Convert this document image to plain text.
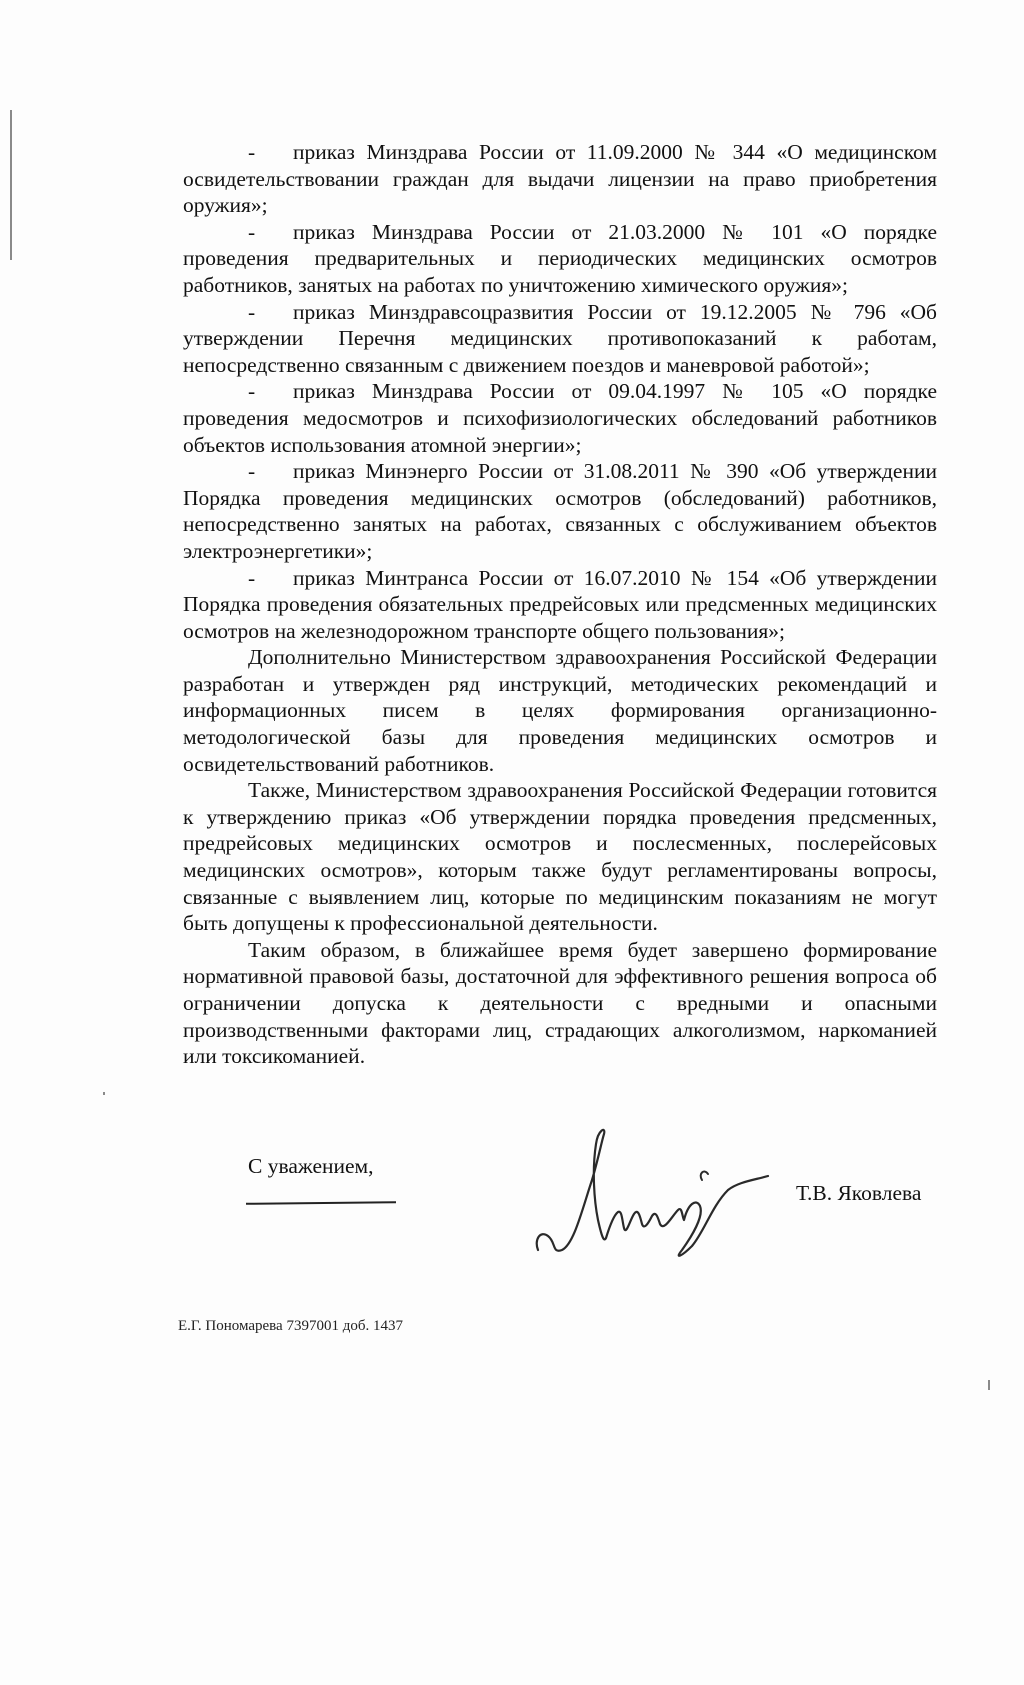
- приказ Минздрава России от 11.09.2000 № 344 «О медицинском освидетельствовании граждан для выдачи лицензии на право приобретения оружия»;

- приказ Минздрава России от 21.03.2000 № 101 «О порядке проведения предварительных и периодических медицинских осмотров работников, занятых на работах по уничтожению химического оружия»;

- приказ Минздравсоцразвития России от 19.12.2005 № 796 «Об утверждении Перечня медицинских противопоказаний к работам, непосредственно связанным с движением поездов и маневровой работой»;

- приказ Минздрава России от 09.04.1997 № 105 «О порядке проведения медосмотров и психофизиологических обследований работников объектов использования атомной энергии»;

- приказ Минэнерго России от 31.08.2011 № 390 «Об утверждении Порядка проведения медицинских осмотров (обследований) работников, непосредственно занятых на работах, связанных с обслуживанием объектов электроэнергетики»;

- приказ Минтранса России от 16.07.2010 № 154 «Об утверждении Порядка проведения обязательных предрейсовых или предсменных медицинских осмотров на железнодорожном транспорте общего пользования»;

Дополнительно Министерством здравоохранения Российской Федерации разработан и утвержден ряд инструкций, методических рекомендаций и информационных писем в целях формирования организационно-методологической базы для проведения медицинских осмотров и освидетельствований работников.

Также, Министерством здравоохранения Российской Федерации готовится к утверждению приказ «Об утверждении порядка проведения предсменных, предрейсовых медицинских осмотров и послесменных, послерейсовых медицинских осмотров», которым также будут регламентированы вопросы, связанные с выявлением лиц, которые по медицинским показаниям не могут быть допущены к профессиональной деятельности.

Таким образом, в ближайшее время будет завершено формирование нормативной правовой базы, достаточной для эффективного решения вопроса об ограничении допуска к деятельности с вредными и опасными производственными факторами лиц, страдающих алкоголизмом, наркоманией или токсикоманией.

С уважением,
Т.В. Яковлева
Е.Г. Пономарева 7397001 доб. 1437
